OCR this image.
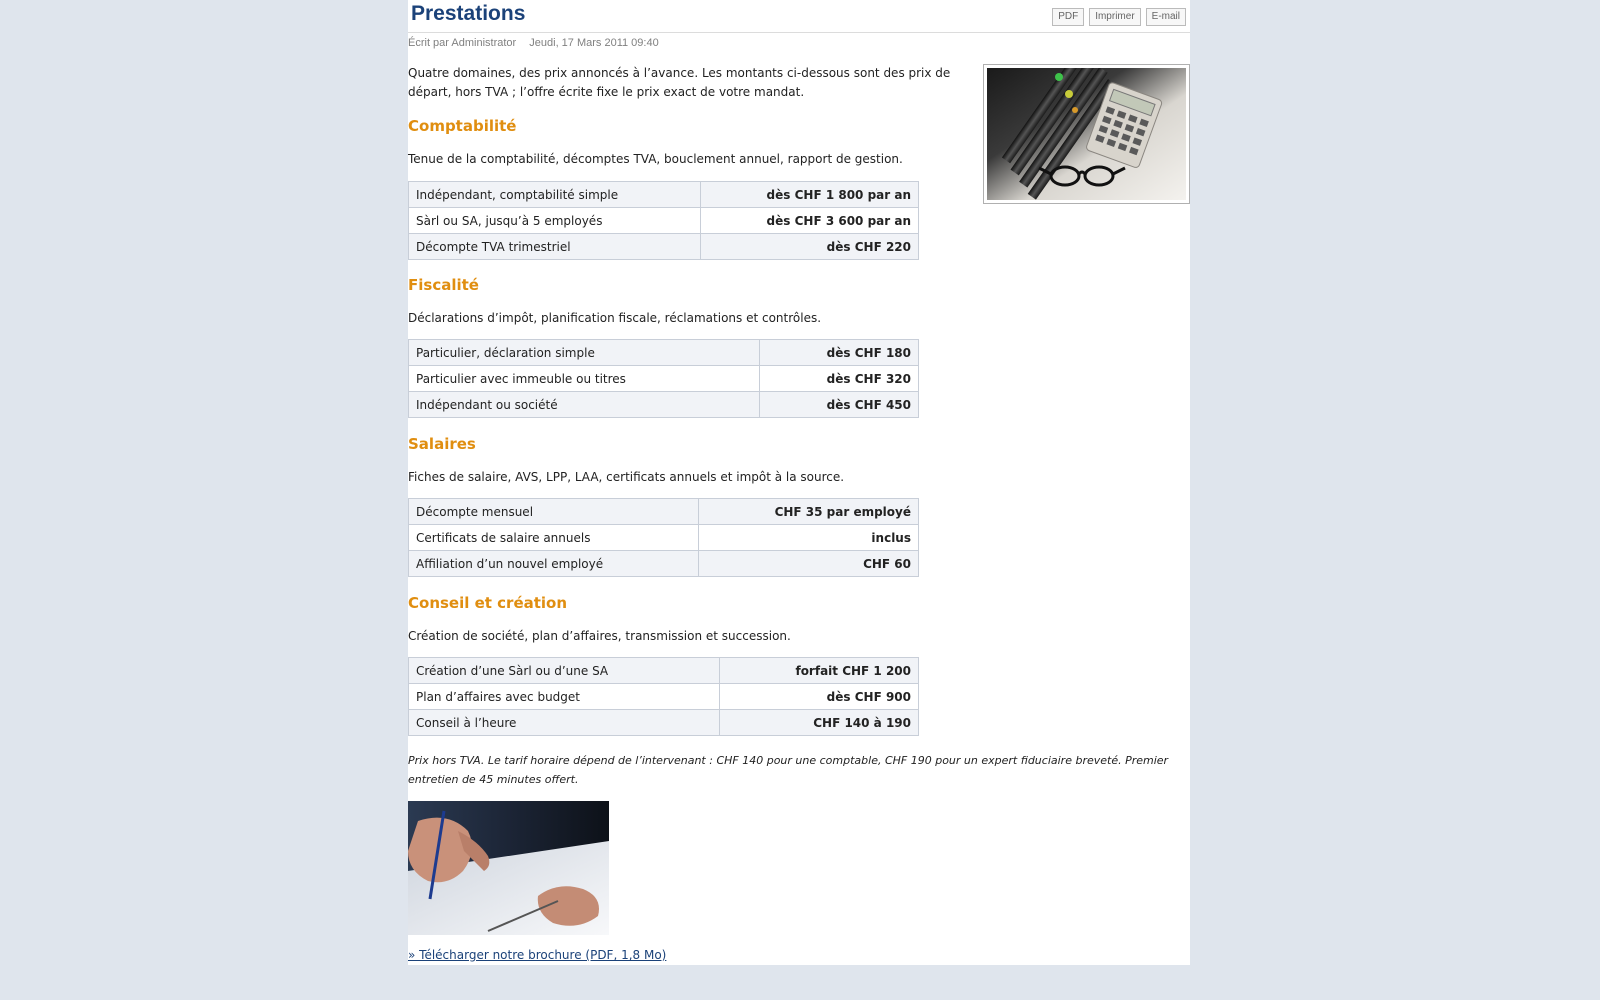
Prestations	PDF	Imprimer	E-mail
Écrit par Administrator Jeudi, 17 Mars 2011 09:40

Quatre domaines, des prix annoncés à l’avance. Les montants ci-dessous sont des prix de départ, hors TVA ; l’offre écrite fixe le prix exact de votre mandat.

Comptabilité

Tenue de la comptabilité, décomptes TVA, bouclement annuel, rapport de gestion.

Indépendant, comptabilité simple	dès CHF 1 800 par an
Sàrl ou SA, jusqu’à 5 employés	dès CHF 3 600 par an
Décompte TVA trimestriel	dès CHF 220
Fiscalité

Déclarations d’impôt, planification fiscale, réclamations et contrôles.

Particulier, déclaration simple	dès CHF 180
Particulier avec immeuble ou titres	dès CHF 320
Indépendant ou société	dès CHF 450
Salaires

Fiches de salaire, AVS, LPP, LAA, certificats annuels et impôt à la source.

Décompte mensuel	CHF 35 par employé
Certificats de salaire annuels	inclus
Affiliation d’un nouvel employé	CHF 60
Conseil et création

Création de société, plan d’affaires, transmission et succession.

Création d’une Sàrl ou d’une SA	forfait CHF 1 200
Plan d’affaires avec budget	dès CHF 900
Conseil à l’heure	CHF 140 à 190

Prix hors TVA. Le tarif horaire dépend de l’intervenant : CHF 140 pour une comptable, CHF 190 pour un expert fiduciaire breveté. Premier entretien de 45 minutes offert.

» Télécharger notre brochure (PDF, 1,8 Mo)
